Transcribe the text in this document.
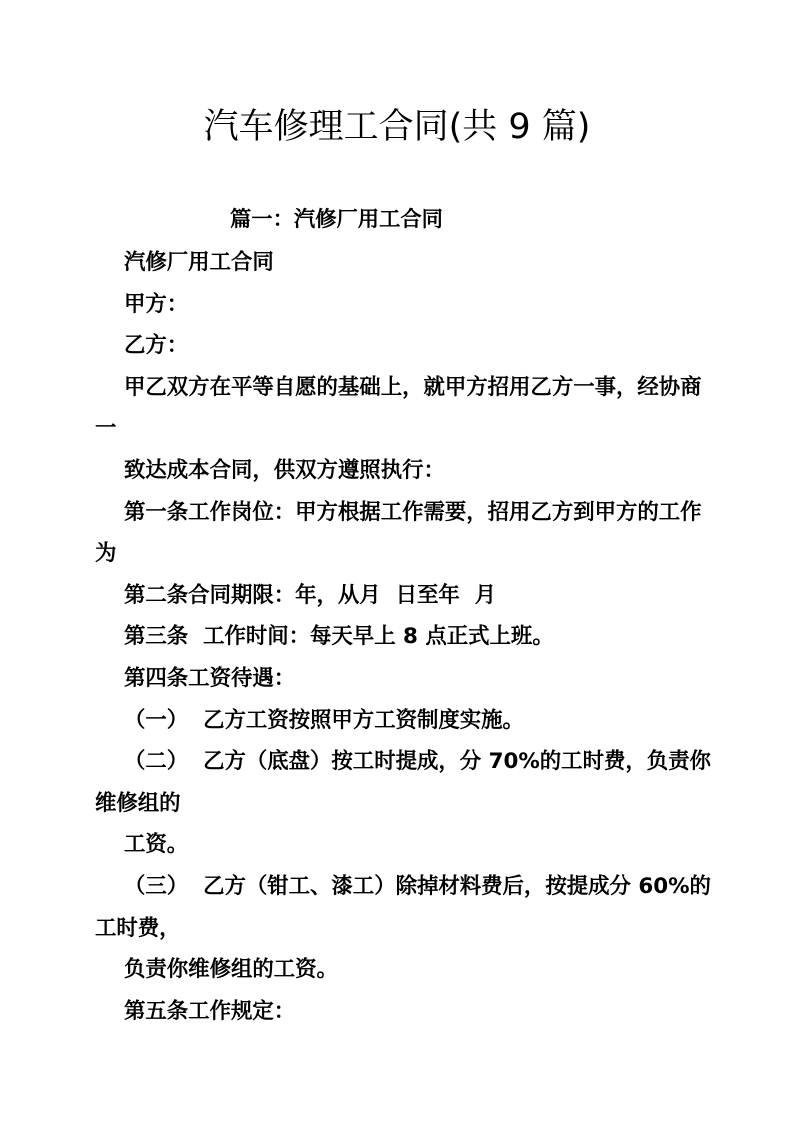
汽车修理工合同(共 9 篇)
篇一：汽修厂用工合同
汽修厂用工合同
甲方：
乙方：
甲乙双方在平等自愿的基础上，就甲方招用乙方一事，经协商
一
致达成本合同，供双方遵照执行：
第一条工作岗位：甲方根据工作需要，招用乙方到甲方的工作
为
第二条合同期限：年，从月  日至年  月
第三条  工作时间：每天早上 8 点正式上班。
第四条工资待遇：
（一）  乙方工资按照甲方工资制度实施。
（二）  乙方（底盘）按工时提成，分 70%的工时费，负责你
维修组的
工资。
（三）  乙方（钳工、漆工）除掉材料费后，按提成分 60%的
工时费，
负责你维修组的工资。
第五条工作规定：
